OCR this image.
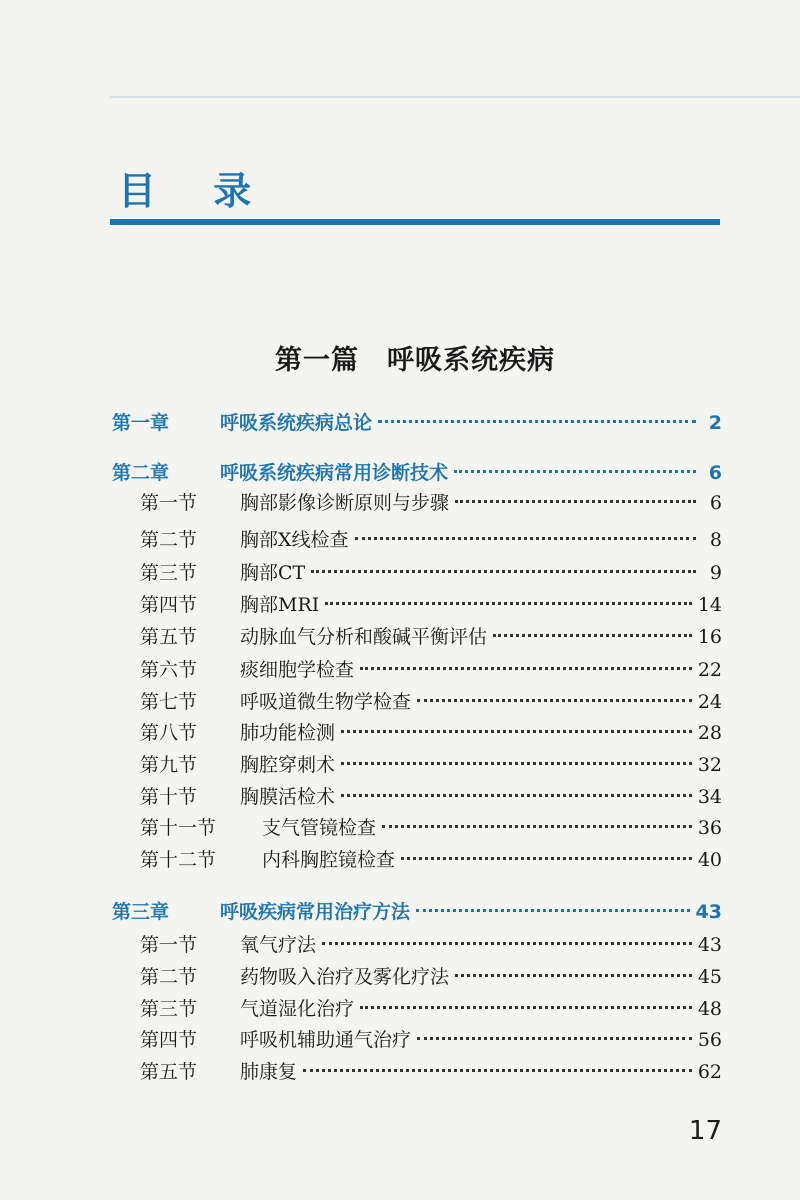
目 录
第一篇 呼吸系统疾病
第一章	呼吸系统疾病总论	2
第二章	呼吸系统疾病常用诊断技术	6
第一节	胸部影像诊断原则与步骤	6
第二节	胸部X线检查	8
第三节	胸部CT	9
第四节	胸部MRI	14
第五节	动脉血气分析和酸碱平衡评估	16
第六节	痰细胞学检查	22
第七节	呼吸道微生物学检查	24
第八节	肺功能检测	28
第九节	胸腔穿刺术	32
第十节	胸膜活检术	34
第十一节	支气管镜检查	36
第十二节	内科胸腔镜检查	40
第三章	呼吸疾病常用治疗方法	43
第一节	氧气疗法	43
第二节	药物吸入治疗及雾化疗法	45
第三节	气道湿化治疗	48
第四节	呼吸机辅助通气治疗	56
第五节	肺康复	62
17
